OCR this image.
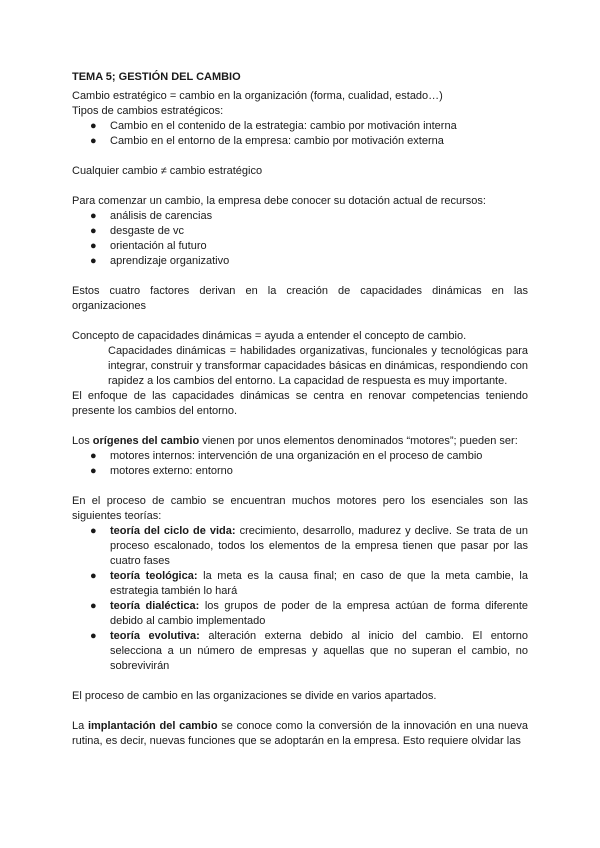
TEMA 5; GESTIÓN DEL CAMBIO

Cambio estratégico = cambio en la organización (forma, cualidad, estado…)

Tipos de cambios estratégicos:

● Cambio en el contenido de la estrategia: cambio por motivación interna
● Cambio en el entorno de la empresa: cambio por motivación externa

Cualquier cambio ≠ cambio estratégico

Para comenzar un cambio, la empresa debe conocer su dotación actual de recursos:

● análisis de carencias
● desgaste de vc
● orientación al futuro
● aprendizaje organizativo

Estos cuatro factores derivan en la creación de capacidades dinámicas en las organizaciones

Concepto de capacidades dinámicas = ayuda a entender el concepto de cambio.

Capacidades dinámicas = habilidades organizativas, funcionales y tecnológicas para integrar, construir y transformar capacidades básicas en dinámicas, respondiendo con rapidez a los cambios del entorno. La capacidad de respuesta es muy importante.

El enfoque de las capacidades dinámicas se centra en renovar competencias teniendo presente los cambios del entorno.

Los orígenes del cambio vienen por unos elementos denominados “motores”; pueden ser:

● motores internos: intervención de una organización en el proceso de cambio
● motores externo: entorno

En el proceso de cambio se encuentran muchos motores pero los esenciales son las siguientes teorías:

● teoría del ciclo de vida: crecimiento, desarrollo, madurez y declive. Se trata de un proceso escalonado, todos los elementos de la empresa tienen que pasar por las cuatro fases
● teoría teológica: la meta es la causa final; en caso de que la meta cambie, la estrategia también lo hará
● teoría dialéctica: los grupos de poder de la empresa actúan de forma diferente debido al cambio implementado
● teoría evolutiva: alteración externa debido al inicio del cambio. El entorno selecciona a un número de empresas y aquellas que no superan el cambio, no sobrevivirán

El proceso de cambio en las organizaciones se divide en varios apartados.

La implantación del cambio se conoce como la conversión de la innovación en una nueva rutina, es decir, nuevas funciones que se adoptarán en la empresa. Esto requiere olvidar las
